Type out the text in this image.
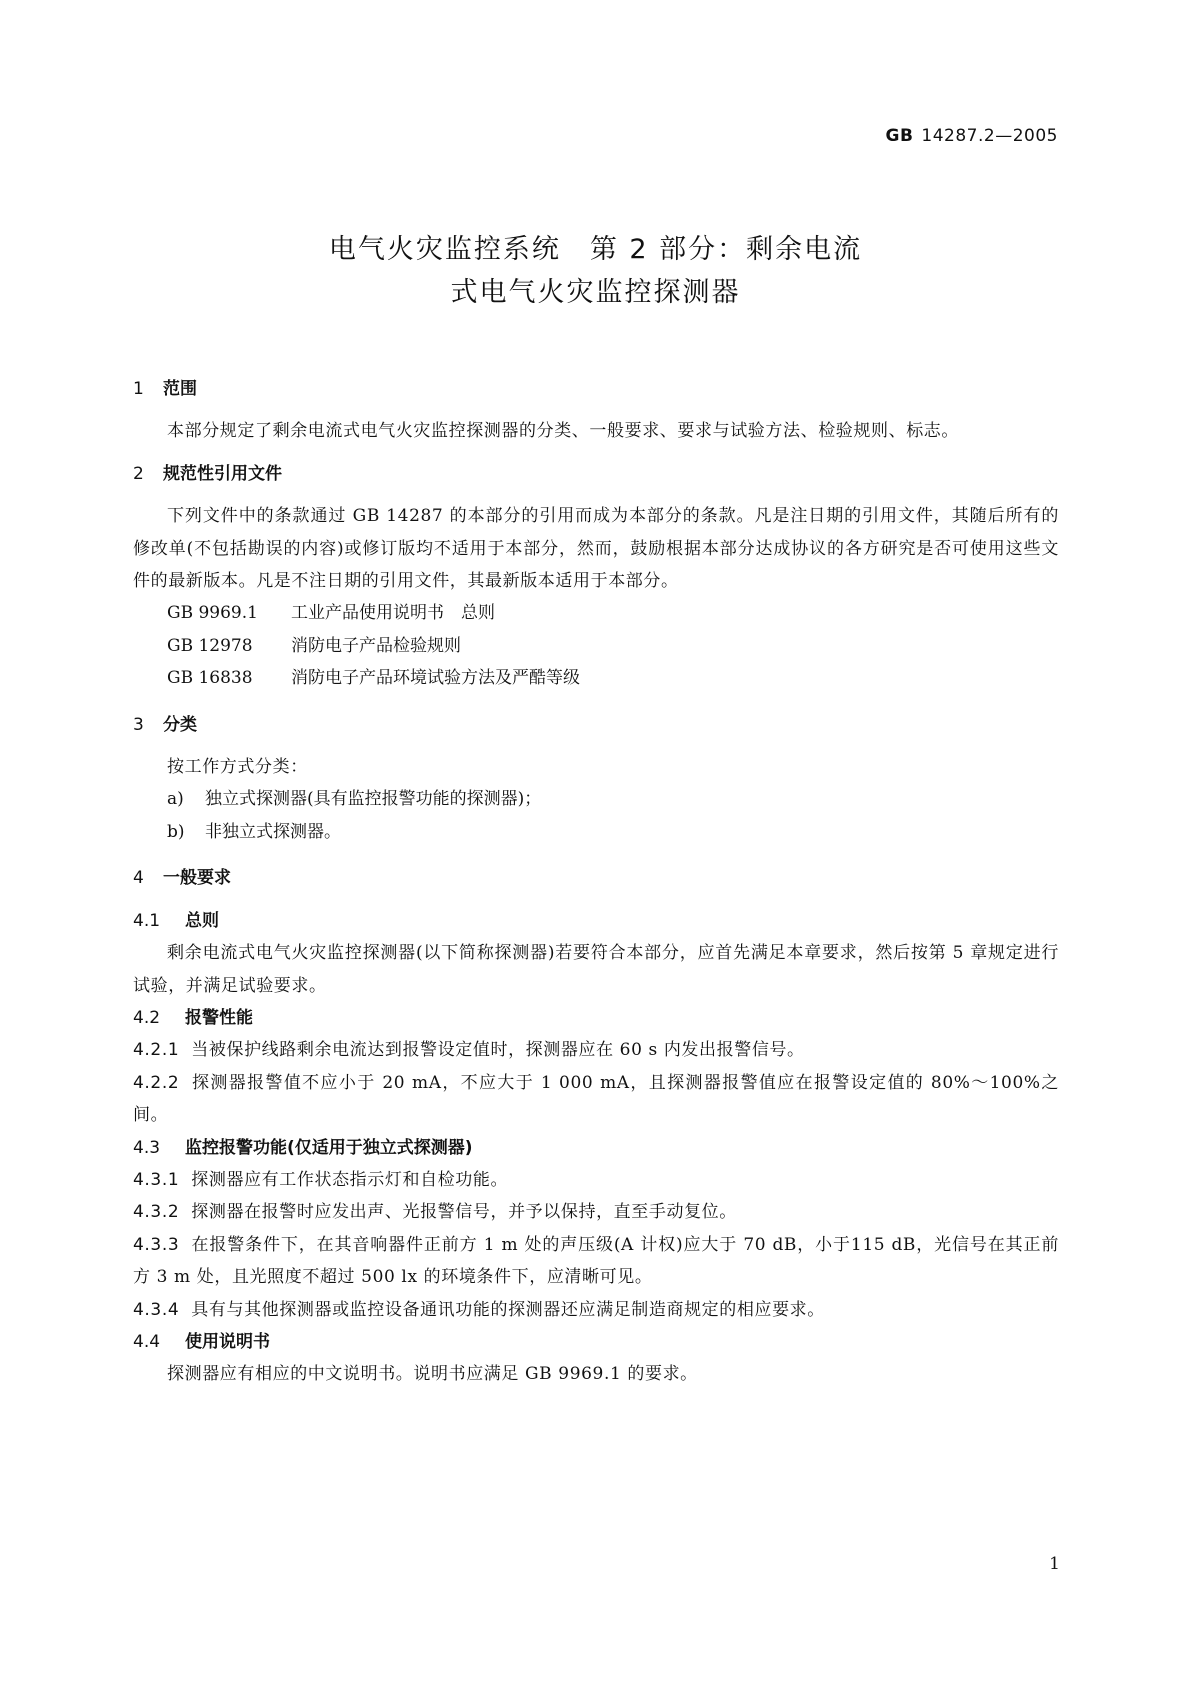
GB 14287.2—2005
电气火灾监控系统　第 2 部分：剩余电流
式电气火灾监控探测器
1 范围

本部分规定了剩余电流式电气火灾监控探测器的分类、一般要求、要求与试验方法、检验规则、标志。

2 规范性引用文件

下列文件中的条款通过 GB 14287 的本部分的引用而成为本部分的条款。凡是注日期的引用文件，其随后所有的修改单(不包括勘误的内容)或修订版均不适用于本部分，然而，鼓励根据本部分达成协议的各方研究是否可使用这些文件的最新版本。凡是不注日期的引用文件，其最新版本适用于本部分。

GB 9969.1 工业产品使用说明书　总则
GB 12978 消防电子产品检验规则
GB 16838 消防电子产品环境试验方法及严酷等级
3 分类

按工作方式分类：

a) 独立式探测器(具有监控报警功能的探测器)；
b) 非独立式探测器。
4 一般要求
4.1 总则

剩余电流式电气火灾监控探测器(以下简称探测器)若要符合本部分，应首先满足本章要求，然后按第 5 章规定进行试验，并满足试验要求。

4.2 报警性能

4.2.1 当被保护线路剩余电流达到报警设定值时，探测器应在 60 s 内发出报警信号。

4.2.2 探测器报警值不应小于 20 mA，不应大于 1 000 mA，且探测器报警值应在报警设定值的 80%～100%之间。

4.3 监控报警功能(仅适用于独立式探测器)

4.3.1 探测器应有工作状态指示灯和自检功能。

4.3.2 探测器在报警时应发出声、光报警信号，并予以保持，直至手动复位。

4.3.3 在报警条件下，在其音响器件正前方 1 m 处的声压级(A 计权)应大于 70 dB，小于115 dB，光信号在其正前方 3 m 处，且光照度不超过 500 lx 的环境条件下，应清晰可见。

4.3.4 具有与其他探测器或监控设备通讯功能的探测器还应满足制造商规定的相应要求。

4.4 使用说明书

探测器应有相应的中文说明书。说明书应满足 GB 9969.1 的要求。

1
